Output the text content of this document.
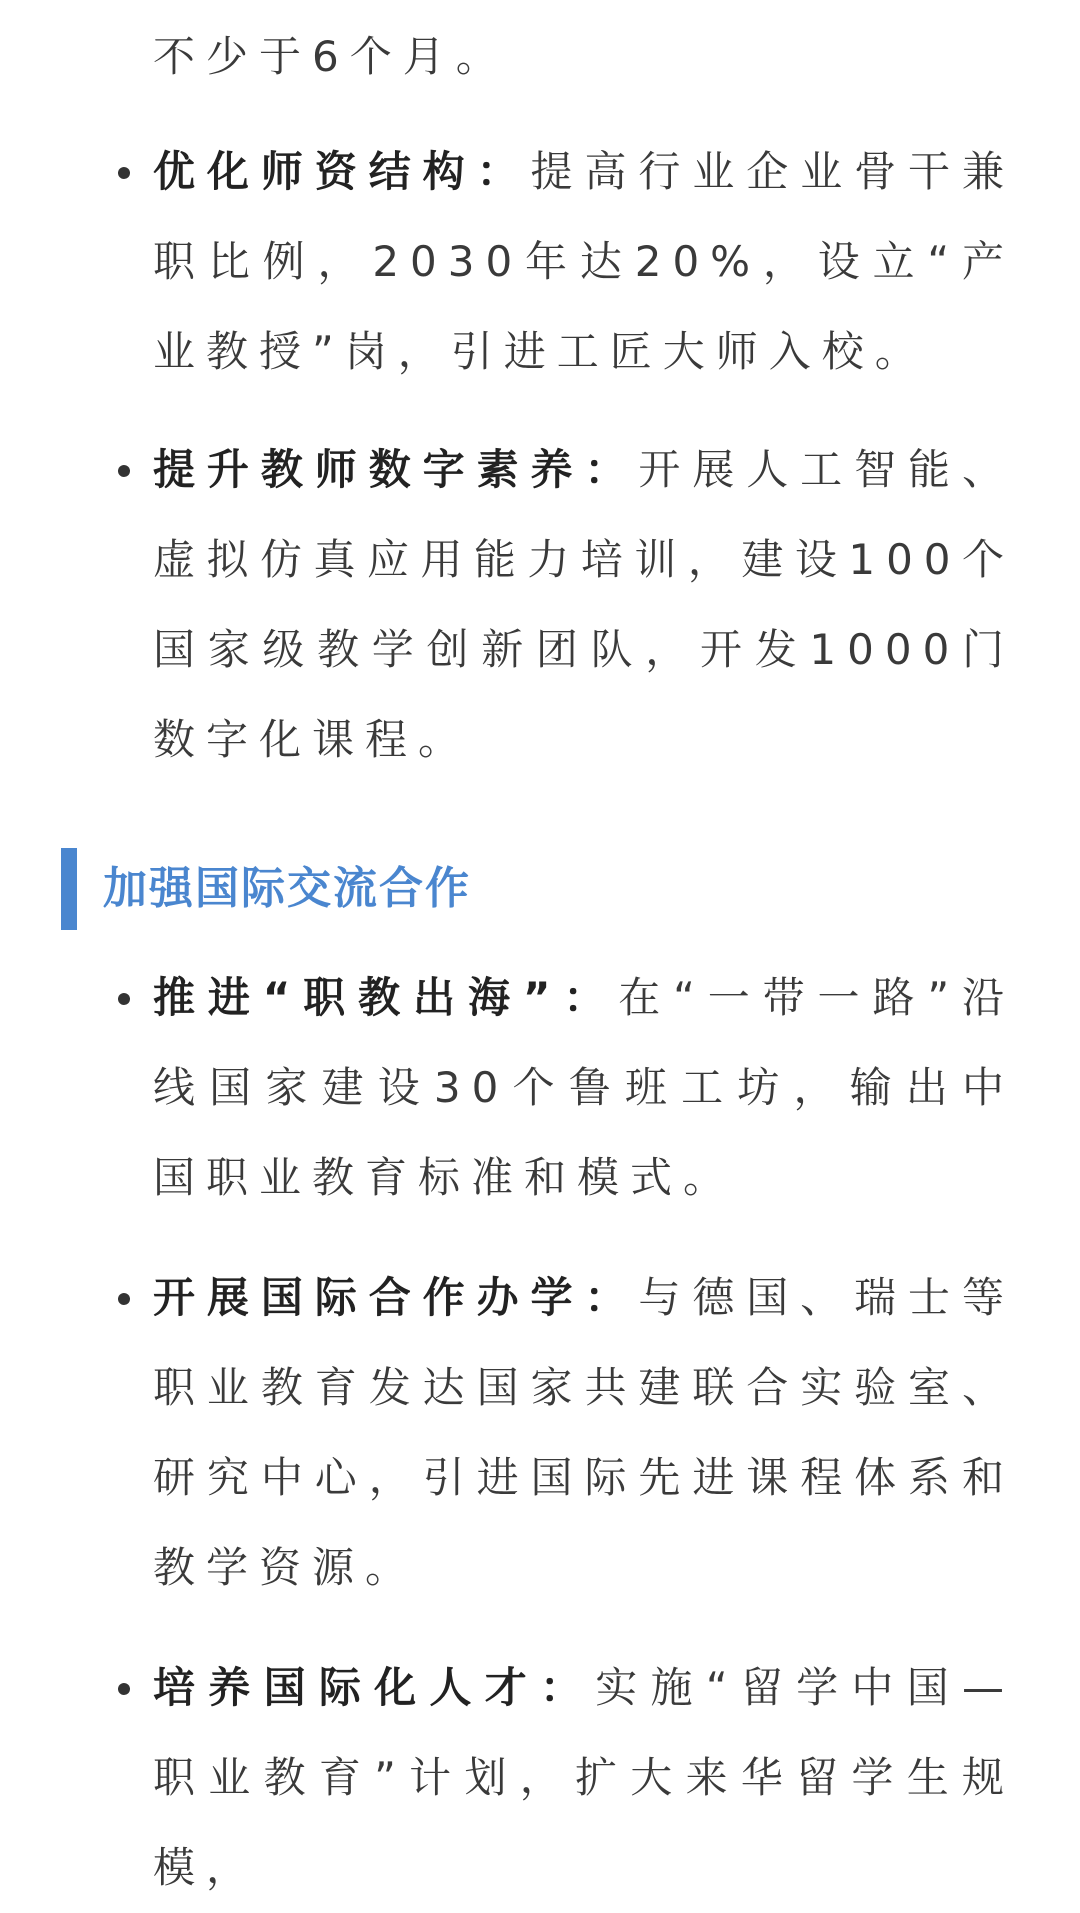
不少于6个月。

优化师资结构：提高行业企业骨干兼职比例，2030年达20%，设立“产业教授”岗，引进工匠大师入校。

提升教师数字素养：开展人工智能、虚拟仿真应用能力培训，建设100个国家级教学创新团队，开发1000门数字化课程。

加强国际交流合作

推进“职教出海”：在“一带一路”沿线国家建设30个鲁班工坊，输出中国职业教育标准和模式。

开展国际合作办学：与德国、瑞士等职业教育发达国家共建联合实验室、研究中心，引进国际先进课程体系和教学资源。

培养国际化人才：实施“留学中国—职业教育”计划，扩大来华留学生规模，
